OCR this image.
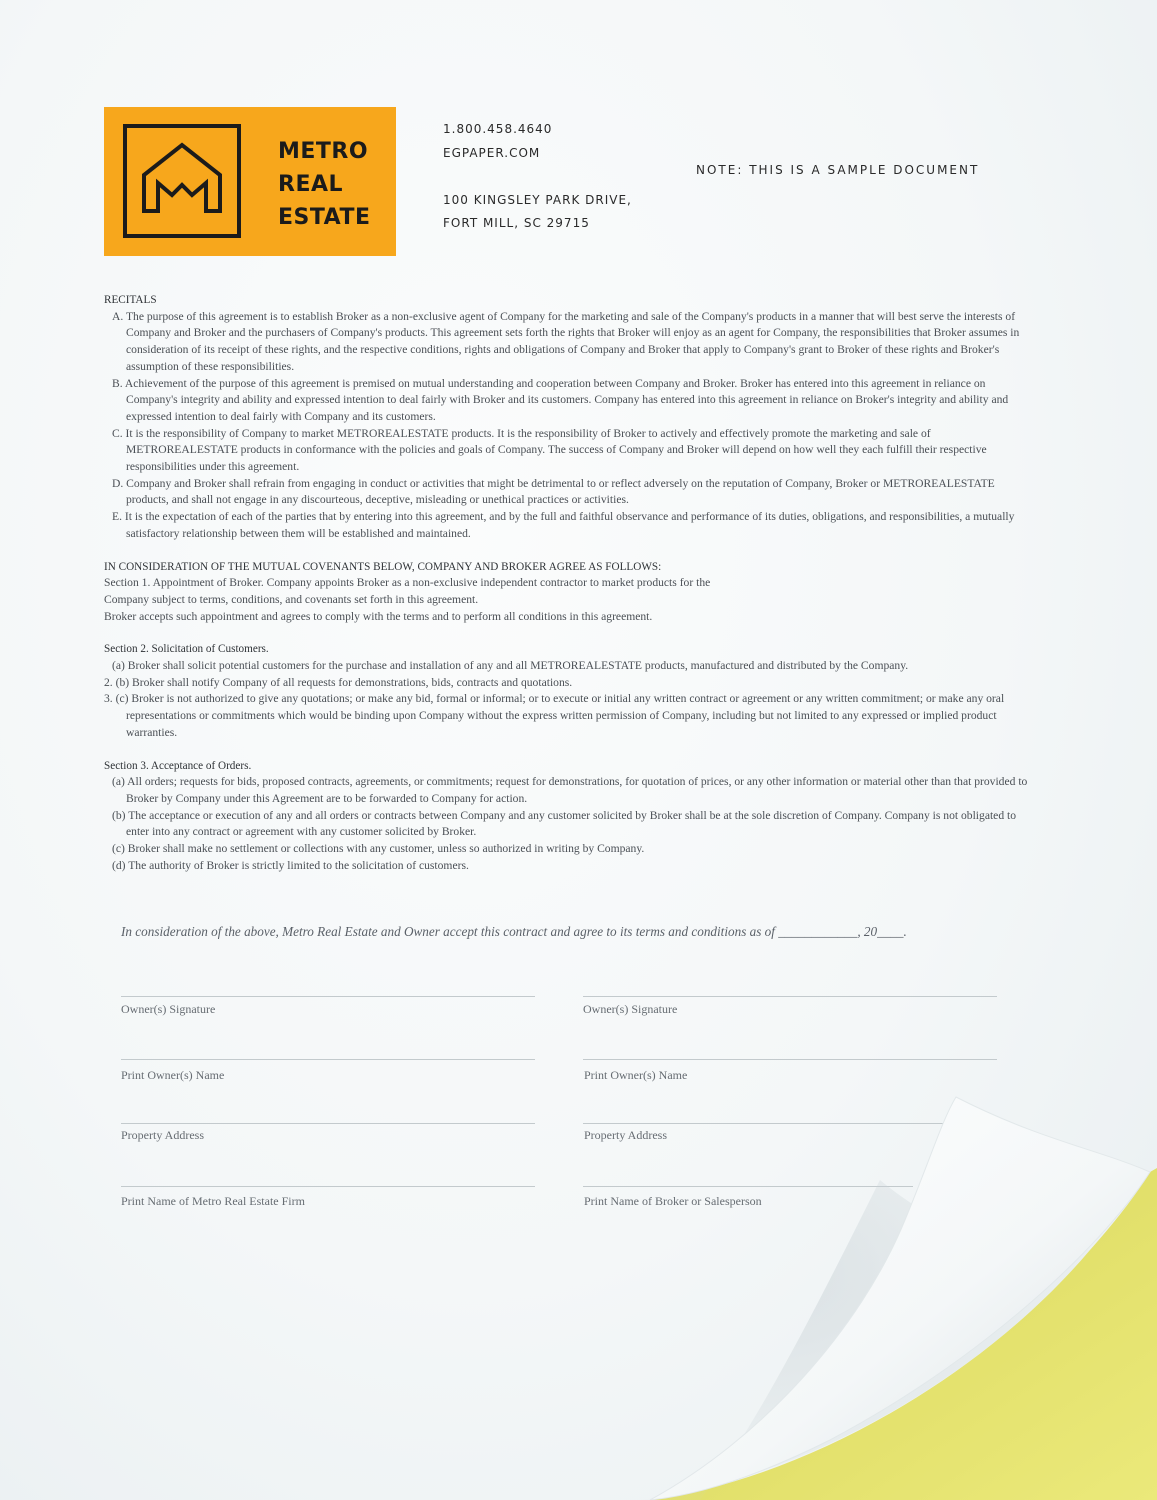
METRO
REAL
ESTATE
1.800.458.4640
EGPAPER.COM
100 KINGSLEY PARK DRIVE,
FORT MILL, SC 29715
NOTE: THIS IS A SAMPLE DOCUMENT
RECITALS
A. The purpose of this agreement is to establish Broker as a non-exclusive agent of Company for the marketing and sale of the Company's products in a manner that will best serve the interests of Company and Broker and the purchasers of Company's products. This agreement sets forth the rights that Broker will enjoy as an agent for Company, the responsibilities that Broker assumes in consideration of its receipt of these rights, and the respective conditions, rights and obligations of Company and Broker that apply to Company's grant to Broker of these rights and Broker's assumption of these responsibilities.
B. Achievement of the purpose of this agreement is premised on mutual understanding and cooperation between Company and Broker. Broker has entered into this agreement in reliance on Company's integrity and ability and expressed intention to deal fairly with Broker and its customers. Company has entered into this agreement in reliance on Broker's integrity and ability and expressed intention to deal fairly with Company and its customers.
C. It is the responsibility of Company to market METROREALESTATE products. It is the responsibility of Broker to actively and effectively promote the marketing and sale of METROREALESTATE products in conformance with the policies and goals of Company. The success of Company and Broker will depend on how well they each fulfill their respective responsibilities under this agreement.
D. Company and Broker shall refrain from engaging in conduct or activities that might be detrimental to or reflect adversely on the reputation of Company, Broker or METROREALESTATE products, and shall not engage in any discourteous, deceptive, misleading or unethical practices or activities.
E. It is the expectation of each of the parties that by entering into this agreement, and by the full and faithful observance and performance of its duties, obligations, and responsibilities, a mutually satisfactory relationship between them will be established and maintained.
IN CONSIDERATION OF THE MUTUAL COVENANTS BELOW, COMPANY AND BROKER AGREE AS FOLLOWS:
Section 1. Appointment of Broker. Company appoints Broker as a non-exclusive independent contractor to market products for the
Company subject to terms, conditions, and covenants set forth in this agreement.
Broker accepts such appointment and agrees to comply with the terms and to perform all conditions in this agreement.
Section 2. Solicitation of Customers.
(a) Broker shall solicit potential customers for the purchase and installation of any and all METROREALESTATE products, manufactured and distributed by the Company.
2. (b) Broker shall notify Company of all requests for demonstrations, bids, contracts and quotations.
3. (c) Broker is not authorized to give any quotations; or make any bid, formal or informal; or to execute or initial any written contract or agreement or any written commitment; or make any oral representations or commitments which would be binding upon Company without the express written permission of Company, including but not limited to any expressed or implied product warranties.
Section 3. Acceptance of Orders.
(a) All orders; requests for bids, proposed contracts, agreements, or commitments; request for demonstrations, for quotation of prices, or any other information or material other than that provided to Broker by Company under this Agreement are to be forwarded to Company for action.
(b) The acceptance or execution of any and all orders or contracts between Company and any customer solicited by Broker shall be at the sole discretion of Company. Company is not obligated to enter into any contract or agreement with any customer solicited by Broker.
(c) Broker shall make no settlement or collections with any customer, unless so authorized in writing by Company.
(d) The authority of Broker is strictly limited to the solicitation of customers.
In consideration of the above, Metro Real Estate and Owner accept this contract and agree to its terms and conditions as of ____________, 20____.
Owner(s) Signature
Print Owner(s) Name
Property Address
Print Name of Metro Real Estate Firm
Owner(s) Signature
Print Owner(s) Name
Property Address
Print Name of Broker or Salesperson
